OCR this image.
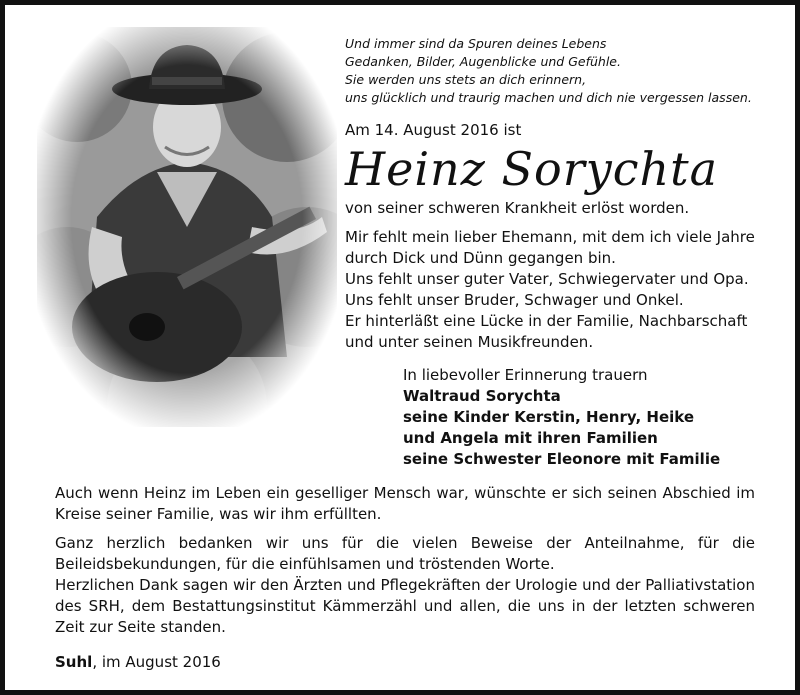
Und immer sind da Spuren deines Lebens

Gedanken, Bilder, Augenblicke und Gefühle.

Sie werden uns stets an dich erinnern,

uns glücklich und traurig machen und dich nie vergessen lassen.

Am 14. August 2016 ist

Heinz Sorychta

von seiner schweren Krankheit erlöst worden.

Mir fehlt mein lieber Ehemann, mit dem ich viele Jahre

durch Dick und Dünn gegangen bin.

Uns fehlt unser guter Vater, Schwiegervater und Opa.

Uns fehlt unser Bruder, Schwager und Onkel.

Er hinterläßt eine Lücke in der Familie, Nachbarschaft

und unter seinen Musikfreunden.

In liebevoller Erinnerung trauern

Waltraud Sorychta

seine Kinder Kerstin, Henry, Heike

und Angela mit ihren Familien

seine Schwester Eleonore mit Familie

Auch wenn Heinz im Leben ein geselliger Mensch war, wünschte er sich seinen Abschied im Kreise seiner Familie, was wir ihm erfüllten.

Ganz herzlich bedanken wir uns für die vielen Beweise der Anteilnahme, für die Beileidsbekundungen, für die einfühlsamen und tröstenden Worte.

Herzlichen Dank sagen wir den Ärzten und Pflegekräften der Urologie und der Palliativstation des SRH, dem Bestattungsinstitut Kämmerzähl und allen, die uns in der letzten schweren Zeit zur Seite standen.

Suhl, im August 2016
